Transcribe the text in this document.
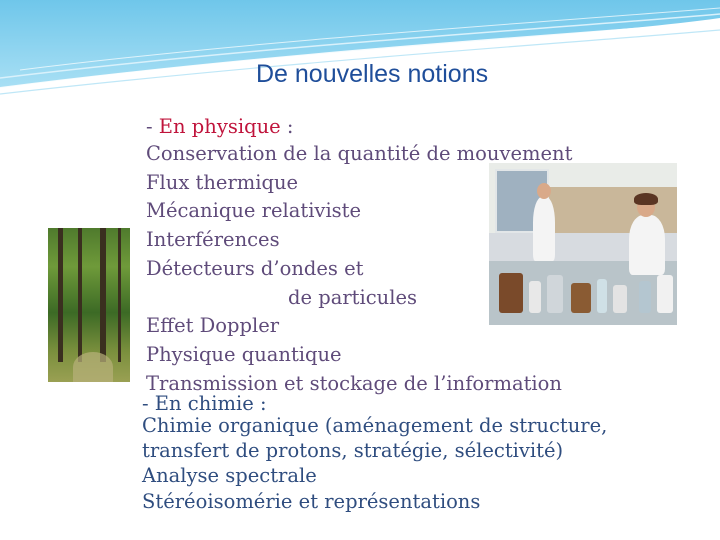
De nouvelles notions
- En physique :
Conservation de la quantité de mouvement
Flux thermique
Mécanique relativiste
Interférences
Détecteurs d’ondes et
de particules
Effet Doppler
Physique quantique
Transmission et stockage de l’information
- En chimie :
Chimie organique (aménagement de structure,
transfert de protons, stratégie, sélectivité)
Analyse spectrale
Stéréoisomérie et représentations
